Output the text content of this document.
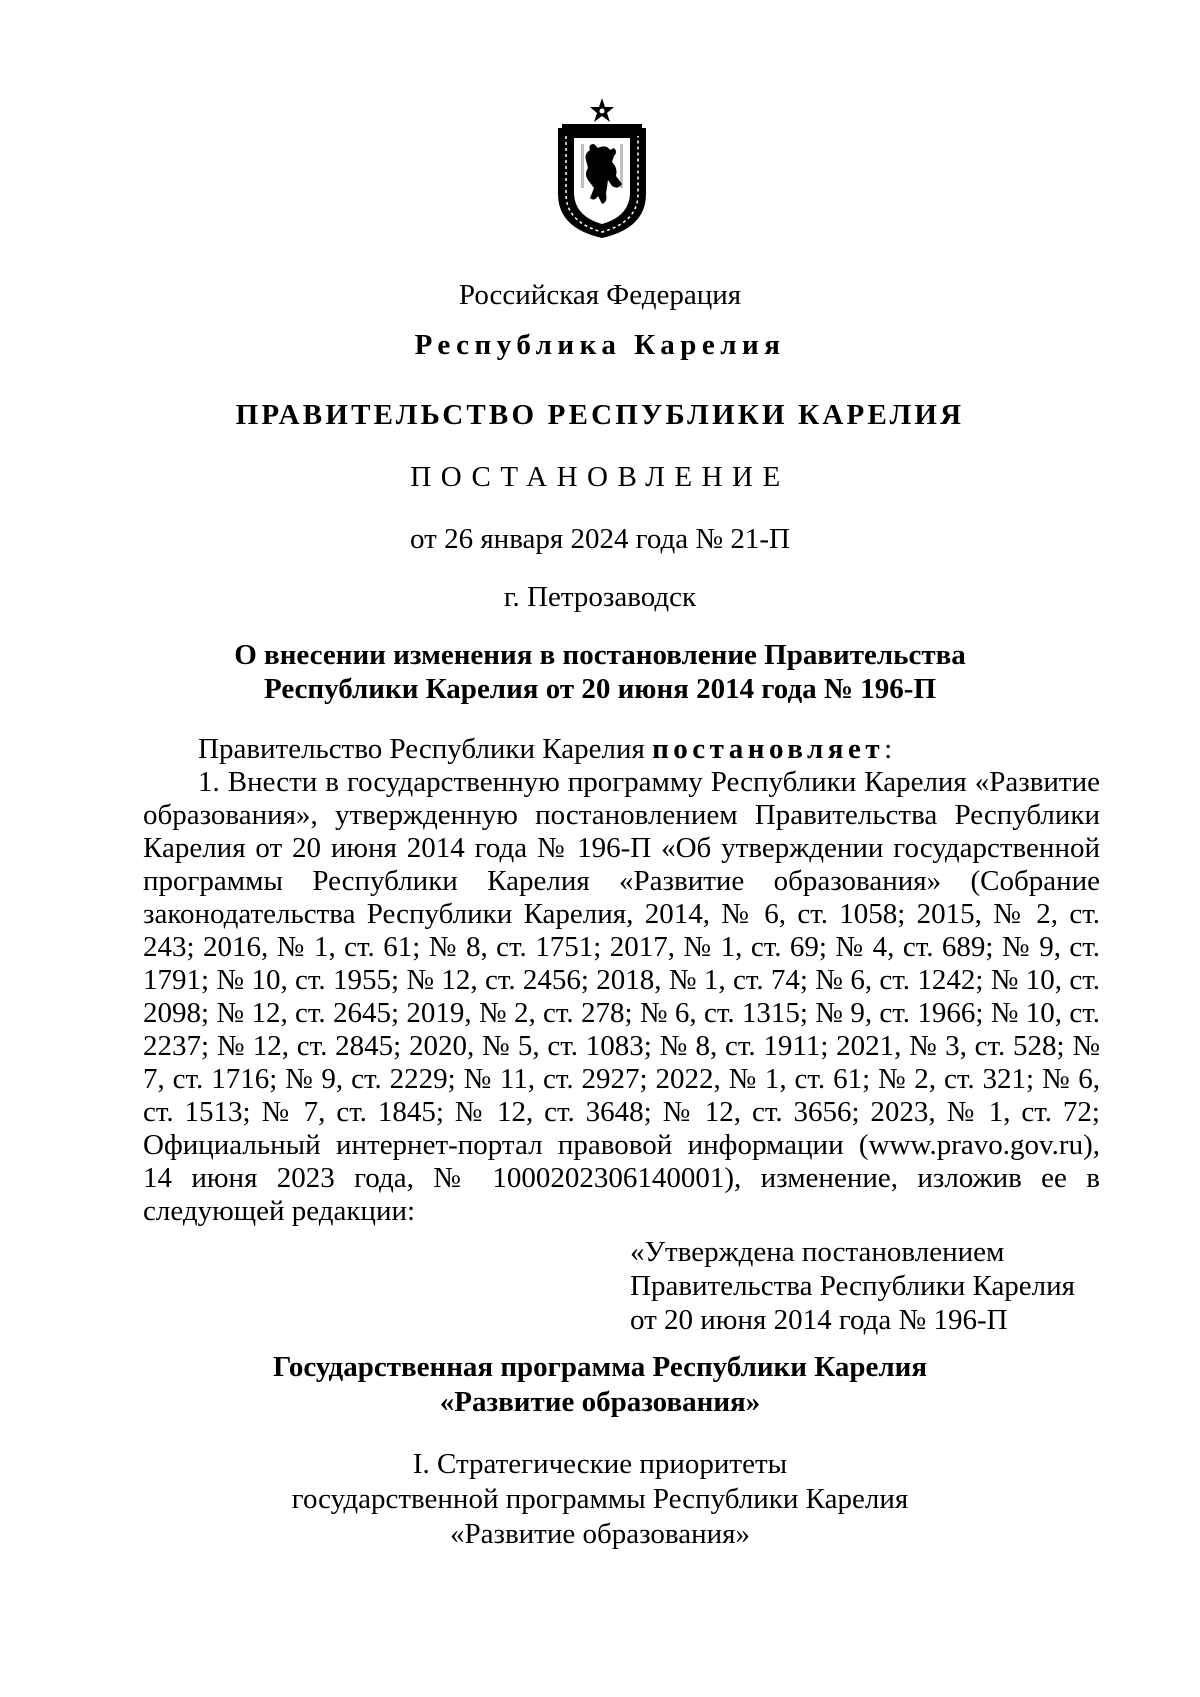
Российская Федерация
Республика Карелия
ПРАВИТЕЛЬСТВО РЕСПУБЛИКИ КАРЕЛИЯ
ПОСТАНОВЛЕНИЕ
от 26 января 2024 года № 21-П
г. Петрозаводск
О внесении изменения в постановление Правительства
Республики Карелия от 20 июня 2014 года № 196-П

Правительство Республики Карелия постановляет:

1. Внести в государственную программу Республики Карелия «Развитие образования», утвержденную постановлением Правительства Республики Карелия от 20 июня 2014 года № 196-П «Об утверждении государственной программы Республики Карелия «Развитие образования» (Собрание законодательства Республики Карелия, 2014, № 6, ст. 1058; 2015, № 2, ст. 243; 2016, № 1, ст. 61; № 8, ст. 1751; 2017, № 1, ст. 69; № 4, ст. 689; № 9, ст. 1791; № 10, ст. 1955; № 12, ст. 2456; 2018, № 1, ст. 74; № 6, ст. 1242; № 10, ст. 2098; № 12, ст. 2645; 2019, № 2, ст. 278; № 6, ст. 1315; № 9, ст. 1966; № 10, ст. 2237; № 12, ст. 2845; 2020, № 5, ст. 1083; № 8, ст. 1911; 2021, № 3, ст. 528; № 7, ст. 1716; № 9, ст. 2229; № 11, ст. 2927; 2022, № 1, ст. 61; № 2, ст. 321; № 6, ст. 1513; № 7, ст. 1845; № 12, ст. 3648; № 12, ст. 3656; 2023, № 1, ст. 72; Официальный интернет-портал правовой информации (www.pravo.gov.ru), 14 июня 2023 года, № 1000202306140001), изменение, изложив ее в следующей редакции:

«Утверждена постановлением
Правительства Республики Карелия
от 20 июня 2014 года № 196-П
Государственная программа Республики Карелия
«Развитие образования»
I. Стратегические приоритеты
государственной программы Республики Карелия
«Развитие образования»
